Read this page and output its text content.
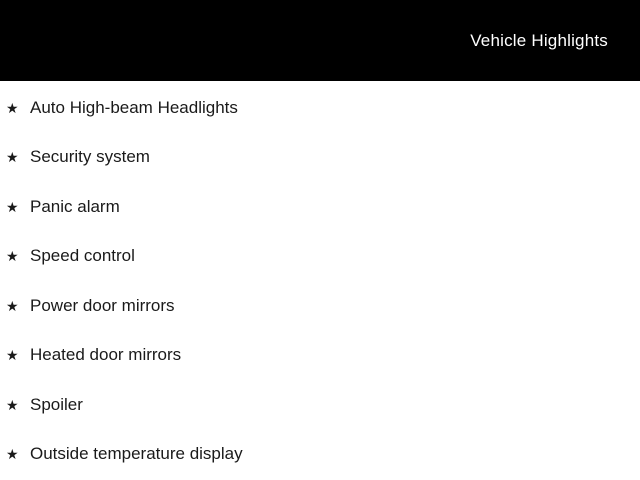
Vehicle Highlights
★ Auto High-beam Headlights
★ Security system
★ Panic alarm
★ Speed control
★ Power door mirrors
★ Heated door mirrors
★ Spoiler
★ Outside temperature display
